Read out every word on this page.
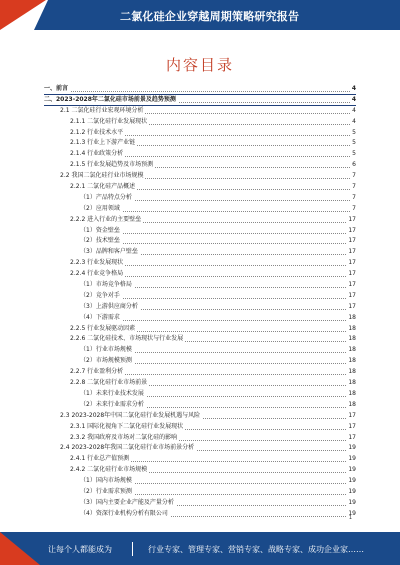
二氯化硅企业穿越周期策略研究报告
内容目录
一、前言	4
二、2023-2028年二氯化硅市场前景及趋势预测	4
2.1 二氯化硅行业宏观环境分析	4
2.1.1 二氯化硅行业发展现状	4
2.1.2 行业技术水平	5
2.1.3 行业上下游产业链	5
2.1.4 行业政策分析	5
2.1.5 行业发展趋势及市场预测	6
2.2 我国二氯化硅行业市场规模	7
2.2.1 二氯化硅产品概述	7
（1）产品特点分析	7
（2）应用领域	7
2.2.2 进入行业的主要壁垒	17
（1）资金壁垒	17
（2）技术壁垒	17
（3）品牌和客户壁垒	17
2.2.3 行业发展现状	17
2.2.4 行业竞争格局	17
（1）市场竞争格局	17
（2）竞争对手	17
（3）上游供应商分析	17
（4）下游需求	18
2.2.5 行业发展驱动因素	18
2.2.6 二氯化硅技术、市场现状与行业发展	18
（1）行业市场规模	18
（2）市场规模预测	18
2.2.7 行业盈利分析	18
2.2.8 二氯化硅行业市场前景	18
（1）未来行业技术发展	18
（2）未来行业需求分析	18
2.3 2023-2028年中国二氯化硅行业发展机遇与风险	17
2.3.1 国际化视角下二氯化硅行业发展现状	17
2.3.2 我国政府及市场对二氯化硅的影响	17
2.4 2023-2028年我国二氯化硅行业市场前景分析	19
2.4.1 行业总产值预测	19
2.4.2 二氯化硅行业市场规模	19
（1）国内市场规模	19
（2）行业需求预测	19
（3）国内主要企业产能及产量分析	19
（4）资深行业机构分析有限公司	19
1
让每个人都能成为	行业专家、管理专家、营销专家、战略专家、成功企业家……
